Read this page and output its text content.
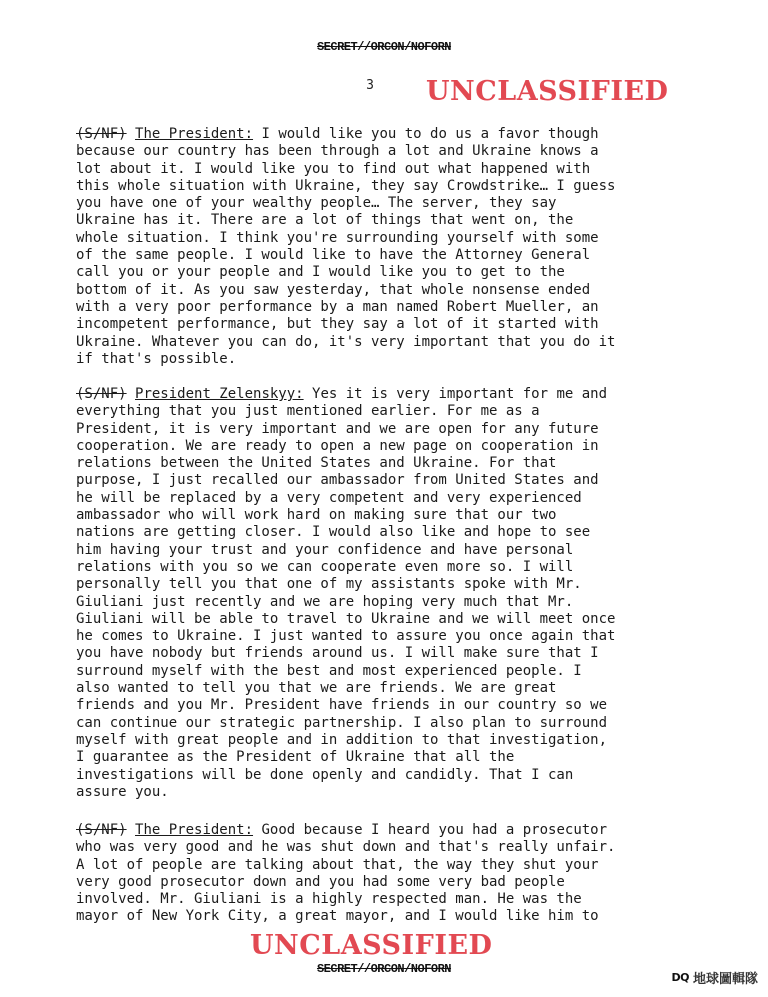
SECRET//ORCON/NOFORN
3	UNCLASSIFIED
(S/NF) The President: I would like you to do us a favor though
because our country has been through a lot and Ukraine knows a
lot about it. I would like you to find out what happened with
this whole situation with Ukraine, they say Crowdstrike… I guess
you have one of your wealthy people… The server, they say
Ukraine has it. There are a lot of things that went on, the
whole situation. I think you're surrounding yourself with some
of the same people. I would like to have the Attorney General
call you or your people and I would like you to get to the
bottom of it. As you saw yesterday, that whole nonsense ended
with a very poor performance by a man named Robert Mueller, an
incompetent performance, but they say a lot of it started with
Ukraine. Whatever you can do, it's very important that you do it
if that's possible.
(S/NF) President Zelenskyy: Yes it is very important for me and
everything that you just mentioned earlier. For me as a
President, it is very important and we are open for any future
cooperation. We are ready to open a new page on cooperation in
relations between the United States and Ukraine. For that
purpose, I just recalled our ambassador from United States and
he will be replaced by a very competent and very experienced
ambassador who will work hard on making sure that our two
nations are getting closer. I would also like and hope to see
him having your trust and your confidence and have personal
relations with you so we can cooperate even more so. I will
personally tell you that one of my assistants spoke with Mr.
Giuliani just recently and we are hoping very much that Mr.
Giuliani will be able to travel to Ukraine and we will meet once
he comes to Ukraine. I just wanted to assure you once again that
you have nobody but friends around us. I will make sure that I
surround myself with the best and most experienced people. I
also wanted to tell you that we are friends. We are great
friends and you Mr. President have friends in our country so we
can continue our strategic partnership. I also plan to surround
myself with great people and in addition to that investigation,
I guarantee as the President of Ukraine that all the
investigations will be done openly and candidly. That I can
assure you.
(S/NF) The President: Good because I heard you had a prosecutor
who was very good and he was shut down and that's really unfair.
A lot of people are talking about that, the way they shut your
very good prosecutor down and you had some very bad people
involved. Mr. Giuliani is a highly respected man. He was the
mayor of New York City, a great mayor, and I would like him to
UNCLASSIFIED
SECRET//ORCON/NOFORN
DQ 地球圖輯隊
